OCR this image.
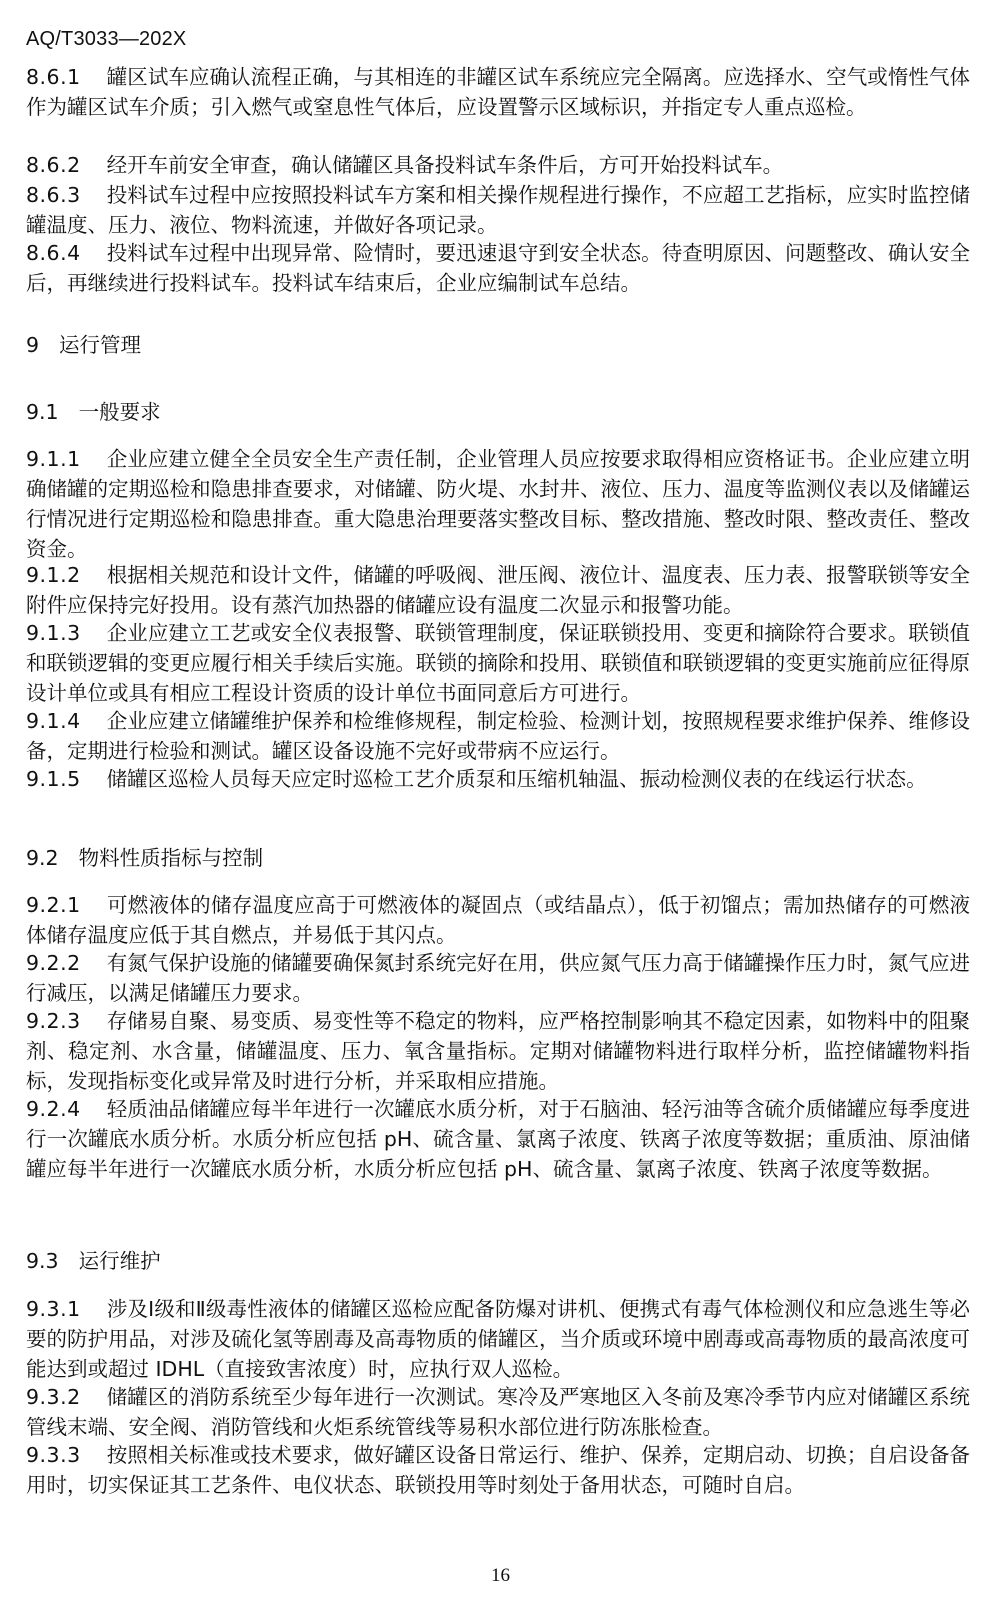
AQ/T3033—202X
8.6.1 罐区试车应确认流程正确，与其相连的非罐区试车系统应完全隔离。应选择水、空气或惰性气体作为罐区试车介质；引入燃气或窒息性气体后，应设置警示区域标识，并指定专人重点巡检。
8.6.2 经开车前安全审查，确认储罐区具备投料试车条件后，方可开始投料试车。
8.6.3 投料试车过程中应按照投料试车方案和相关操作规程进行操作，不应超工艺指标，应实时监控储罐温度、压力、液位、物料流速，并做好各项记录。
8.6.4 投料试车过程中出现异常、险情时，要迅速退守到安全状态。待查明原因、问题整改、确认安全后，再继续进行投料试车。投料试车结束后，企业应编制试车总结。
9 运行管理
9.1 一般要求
9.1.1 企业应建立健全全员安全生产责任制，企业管理人员应按要求取得相应资格证书。企业应建立明确储罐的定期巡检和隐患排查要求，对储罐、防火堤、水封井、液位、压力、温度等监测仪表以及储罐运行情况进行定期巡检和隐患排查。重大隐患治理要落实整改目标、整改措施、整改时限、整改责任、整改资金。
9.1.2 根据相关规范和设计文件，储罐的呼吸阀、泄压阀、液位计、温度表、压力表、报警联锁等安全附件应保持完好投用。设有蒸汽加热器的储罐应设有温度二次显示和报警功能。
9.1.3 企业应建立工艺或安全仪表报警、联锁管理制度，保证联锁投用、变更和摘除符合要求。联锁值和联锁逻辑的变更应履行相关手续后实施。联锁的摘除和投用、联锁值和联锁逻辑的变更实施前应征得原设计单位或具有相应工程设计资质的设计单位书面同意后方可进行。
9.1.4 企业应建立储罐维护保养和检维修规程，制定检验、检测计划，按照规程要求维护保养、维修设备，定期进行检验和测试。罐区设备设施不完好或带病不应运行。
9.1.5 储罐区巡检人员每天应定时巡检工艺介质泵和压缩机轴温、振动检测仪表的在线运行状态。
9.2 物料性质指标与控制
9.2.1 可燃液体的储存温度应高于可燃液体的凝固点（或结晶点），低于初馏点；需加热储存的可燃液体储存温度应低于其自燃点，并易低于其闪点。
9.2.2 有氮气保护设施的储罐要确保氮封系统完好在用，供应氮气压力高于储罐操作压力时，氮气应进行减压，以满足储罐压力要求。
9.2.3 存储易自聚、易变质、易变性等不稳定的物料，应严格控制影响其不稳定因素，如物料中的阻聚剂、稳定剂、水含量，储罐温度、压力、氧含量指标。定期对储罐物料进行取样分析，监控储罐物料指标，发现指标变化或异常及时进行分析，并采取相应措施。
9.2.4 轻质油品储罐应每半年进行一次罐底水质分析，对于石脑油、轻污油等含硫介质储罐应每季度进行一次罐底水质分析。水质分析应包括 pH、硫含量、氯离子浓度、铁离子浓度等数据；重质油、原油储罐应每半年进行一次罐底水质分析，水质分析应包括 pH、硫含量、氯离子浓度、铁离子浓度等数据。
9.3 运行维护
9.3.1 涉及Ⅰ级和Ⅱ级毒性液体的储罐区巡检应配备防爆对讲机、便携式有毒气体检测仪和应急逃生等必要的防护用品，对涉及硫化氢等剧毒及高毒物质的储罐区，当介质或环境中剧毒或高毒物质的最高浓度可能达到或超过 IDHL（直接致害浓度）时，应执行双人巡检。
9.3.2 储罐区的消防系统至少每年进行一次测试。寒冷及严寒地区入冬前及寒冷季节内应对储罐区系统管线末端、安全阀、消防管线和火炬系统管线等易积水部位进行防冻胀检查。
9.3.3 按照相关标准或技术要求，做好罐区设备日常运行、维护、保养，定期启动、切换；自启设备备用时，切实保证其工艺条件、电仪状态、联锁投用等时刻处于备用状态，可随时自启。
16
